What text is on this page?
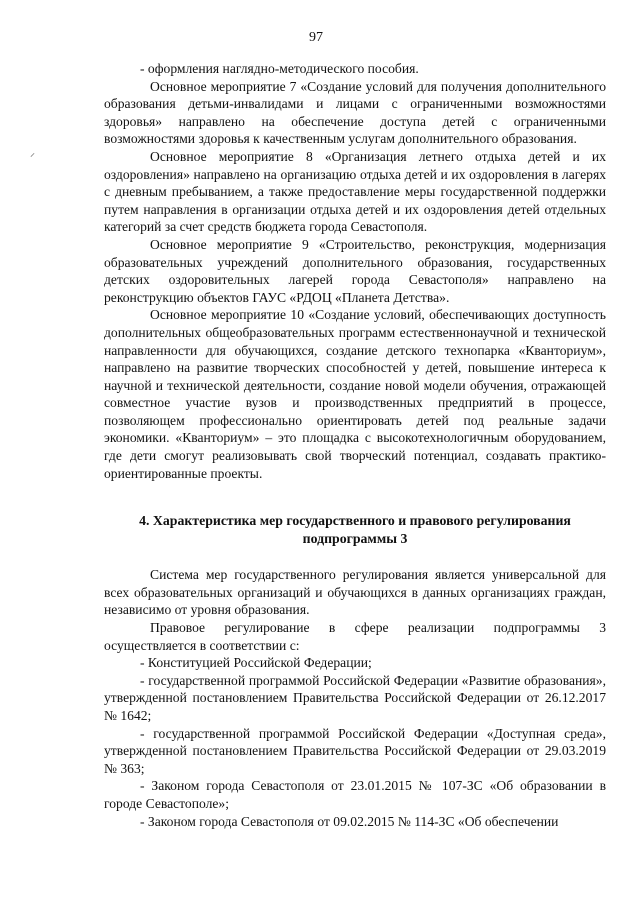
97
⸝

- оформления наглядно-методического пособия.

Основное мероприятие 7 «Создание условий для получения дополнительного образования детьми-инвалидами и лицами с ограниченными возможностями здоровья» направлено на обеспечение доступа детей с ограниченными возможностями здоровья к качественным услугам дополнительного образования.

Основное мероприятие 8 «Организация летнего отдыха детей и их оздоровления» направлено на организацию отдыха детей и их оздоровления в лагерях с дневным пребыванием, а также предоставление меры государственной поддержки путем направления в организации отдыха детей и их оздоровления детей отдельных категорий за счет средств бюджета города Севастополя.

Основное мероприятие 9 «Строительство, реконструкция, модернизация образовательных учреждений дополнительного образования, государственных детских оздоровительных лагерей города Севастополя» направлено на реконструкцию объектов ГАУС «РДОЦ «Планета Детства».

Основное мероприятие 10 «Создание условий, обеспечивающих доступность дополнительных общеобразовательных программ естественнонаучной и технической направленности для обучающихся, создание детского технопарка «Кванториум», направлено на развитие творческих способностей у детей, повышение интереса к научной и технической деятельности, создание новой модели обучения, отражающей совместное участие вузов и производственных предприятий в процессе, позволяющем профессионально ориентировать детей под реальные задачи экономики. «Кванториум» – это площадка с высокотехнологичным оборудованием, где дети смогут реализовывать свой творческий потенциал, создавать практико-ориентированные проекты.

4. Характеристика мер государственного и правового регулирования
подпрограммы 3

Система мер государственного регулирования является универсальной для всех образовательных организаций и обучающихся в данных организациях граждан, независимо от уровня образования.

Правовое регулирование в сфере реализации подпрограммы 3 осуществляется в соответствии с:

- Конституцией Российской Федерации;

- государственной программой Российской Федерации «Развитие образования», утвержденной постановлением Правительства Российской Федерации от 26.12.2017 № 1642;

- государственной программой Российской Федерации «Доступная среда», утвержденной постановлением Правительства Российской Федерации от 29.03.2019 № 363;

- Законом города Севастополя от 23.01.2015 № 107-ЗС «Об образовании в городе Севастополе»;

- Законом города Севастополя от 09.02.2015 № 114-ЗС «Об обеспечении
